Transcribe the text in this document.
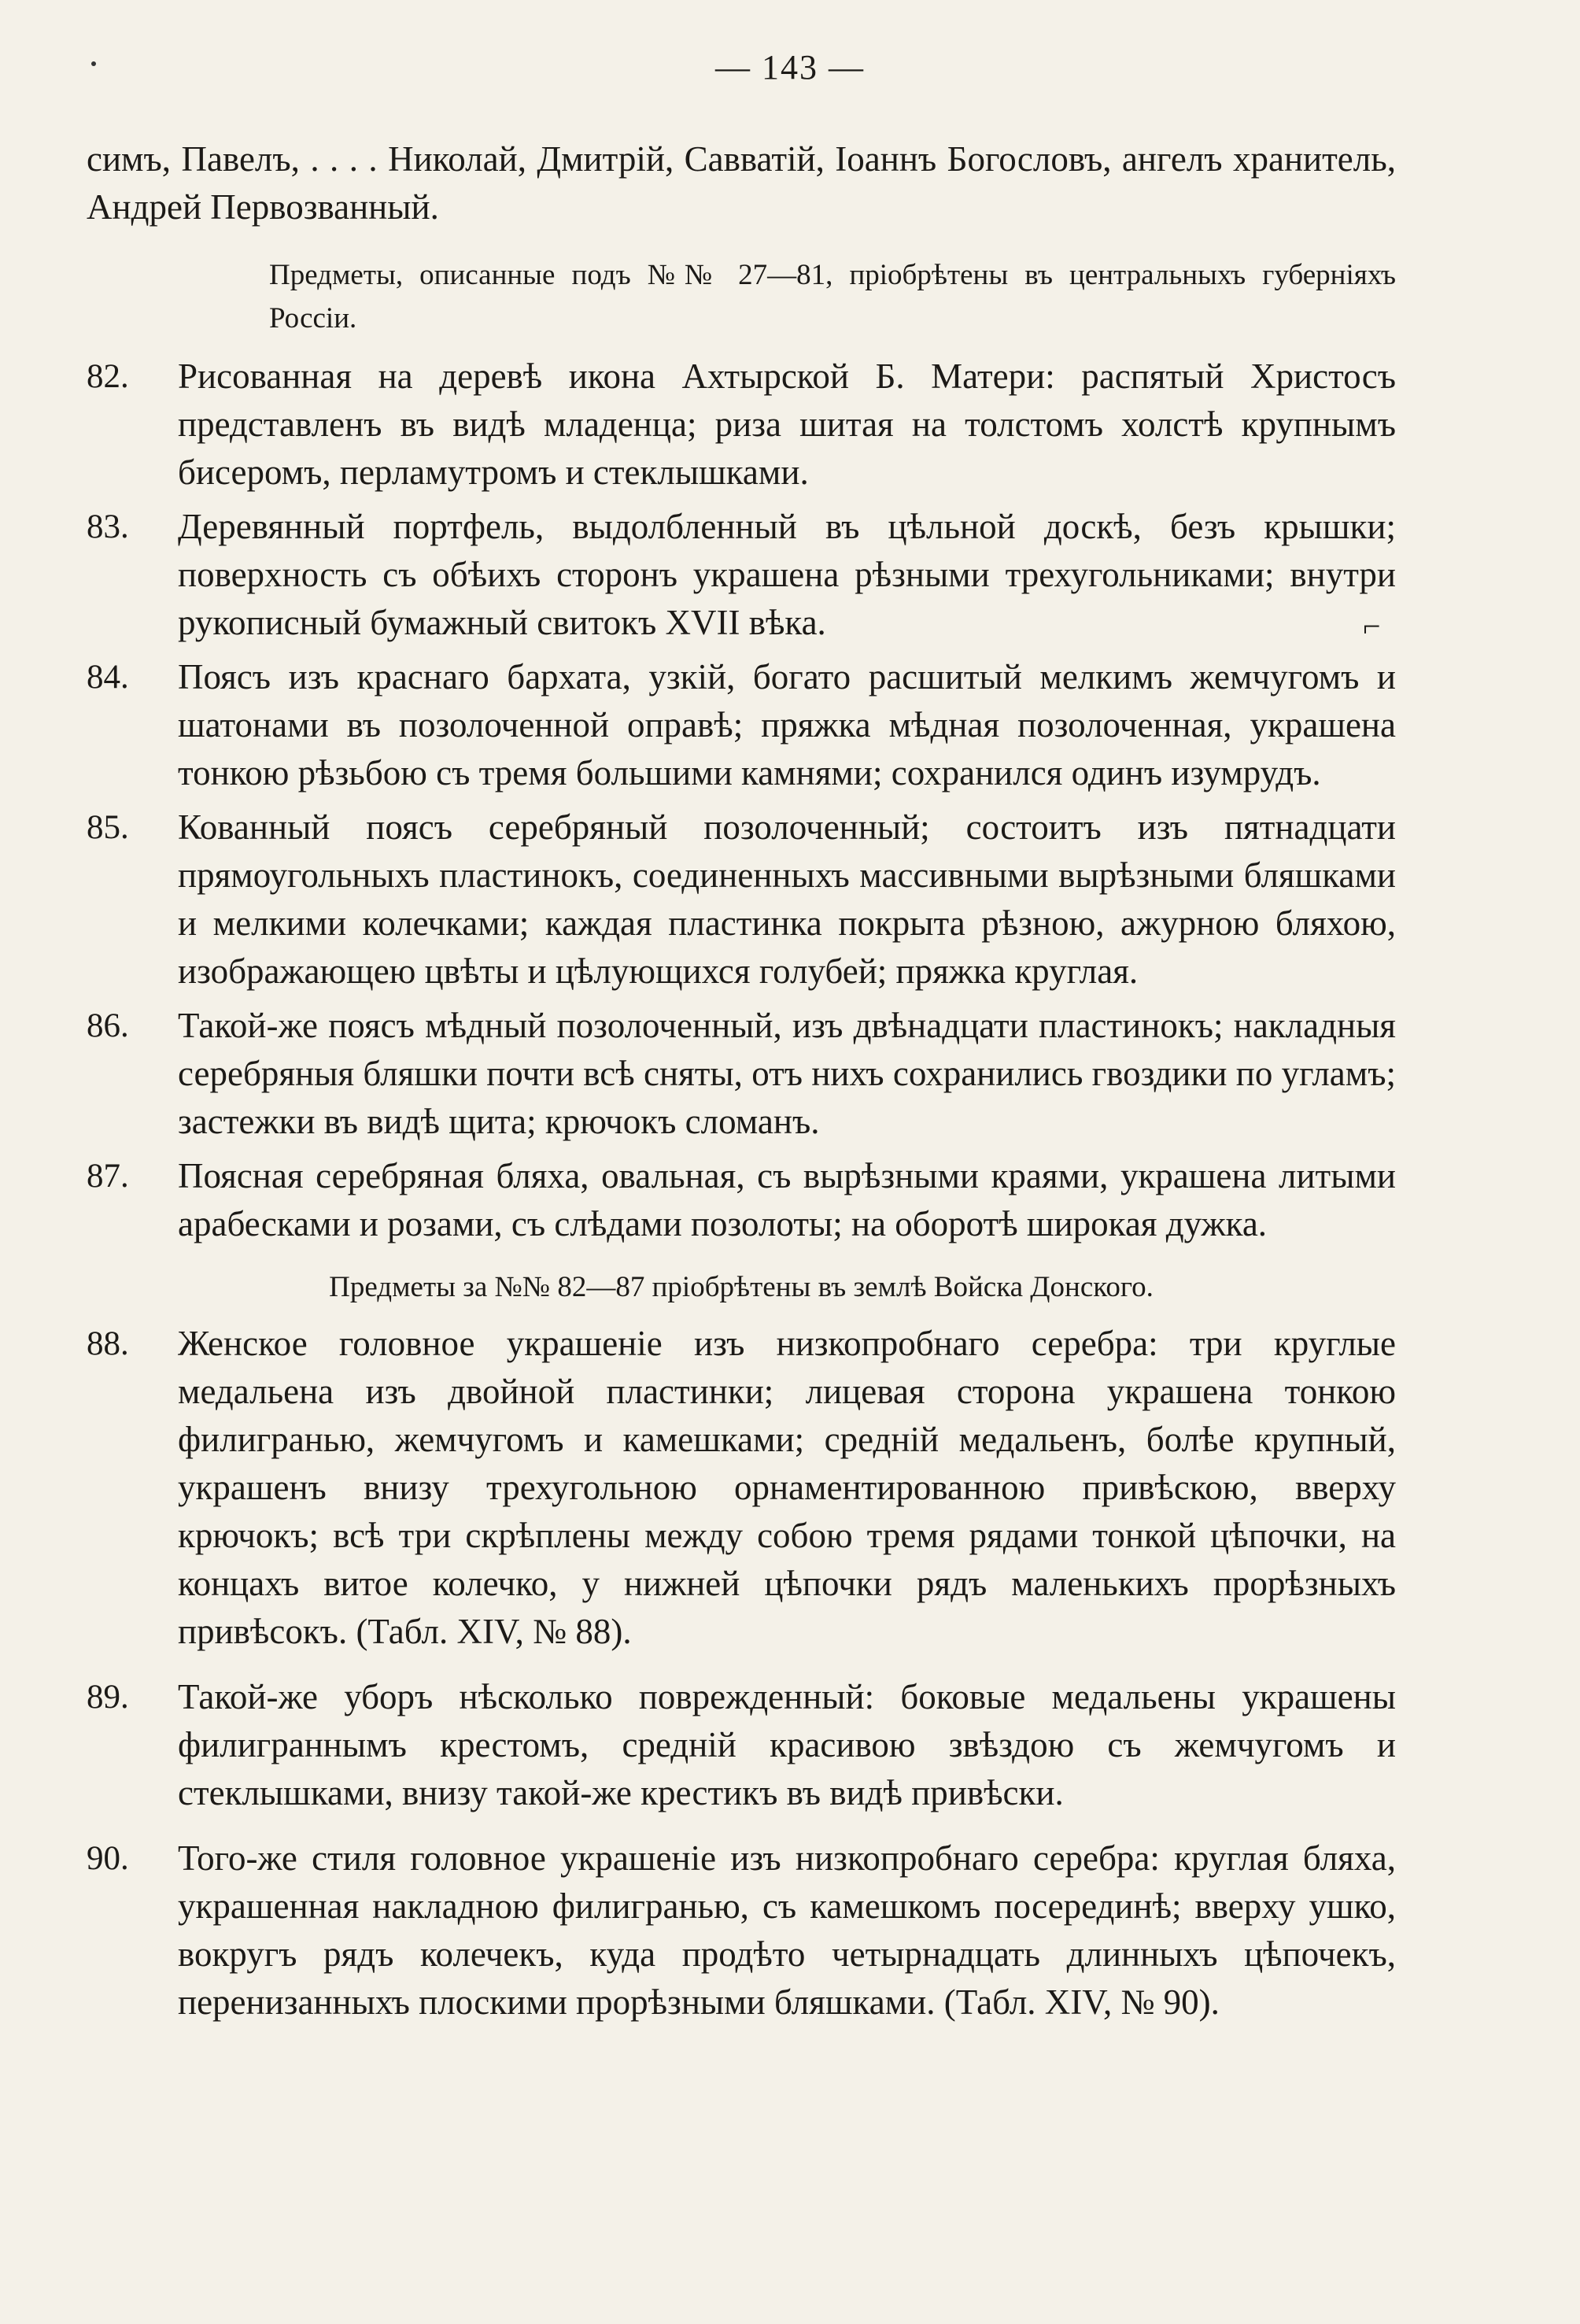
— 143 —
⌐

симъ, Павелъ, . . . . Николай, Дмитрій, Савватій, Іоаннъ Богословъ, ангелъ хранитель, Андрей Первозванный.

Предметы, описанные подъ №№ 27—81, пріобрѣтены въ центральныхъ губерніяхъ Россіи.

82.	Рисованная на деревѣ икона Ахтырской Б. Матери: распятый Христосъ представленъ въ видѣ младенца; риза шитая на толстомъ холстѣ крупнымъ бисеромъ, перламутромъ и стеклышками.
83.	Деревянный портфель, выдолбленный въ цѣльной доскѣ, безъ крышки; поверхность съ обѣихъ сторонъ украшена рѣзными трехугольниками; внутри рукописный бумажный свитокъ XVII вѣка.
84.	Поясъ изъ краснаго бархата, узкій, богато расшитый мелкимъ жемчугомъ и шатонами въ позолоченной оправѣ; пряжка мѣдная позолоченная, украшена тонкою рѣзьбою съ тремя большими камнями; сохранился одинъ изумрудъ.
85.	Кованный поясъ серебряный позолоченный; состоитъ изъ пятнадцати прямоугольныхъ пластинокъ, соединенныхъ массивными вырѣзными бляшками и мелкими колечками; каждая пластинка покрыта рѣзною, ажурною бляхою, изображающею цвѣты и цѣлующихся голубей; пряжка круглая.
86.	Такой-же поясъ мѣдный позолоченный, изъ двѣнадцати пластинокъ; накладныя серебряныя бляшки почти всѣ сняты, отъ нихъ сохранились гвоздики по угламъ; застежки въ видѣ щита; крючокъ сломанъ.
87.	Поясная серебряная бляха, овальная, съ вырѣзными краями, украшена литыми арабесками и розами, съ слѣдами позолоты; на оборотѣ широкая дужка.

Предметы за №№ 82—87 пріобрѣтены въ землѣ Войска Донского.

88.	Женское головное украшеніе изъ низкопробнаго серебра: три круглые медальена изъ двойной пластинки; лицевая сторона украшена тонкою филигранью, жемчугомъ и камешками; средній медальенъ, болѣе крупный, украшенъ внизу трехугольною орнаментированною привѣскою, вверху крючокъ; всѣ три скрѣплены между собою тремя рядами тонкой цѣпочки, на концахъ витое колечко, у нижней цѣпочки рядъ маленькихъ прорѣзныхъ привѣсокъ. (Табл. XIV, № 88).
89.	Такой-же уборъ нѣсколько поврежденный: боковые медальены украшены филиграннымъ крестомъ, средній красивою звѣздою съ жемчугомъ и стеклышками, внизу такой-же крестикъ въ видѣ привѣски.
90.	Того-же стиля головное украшеніе изъ низкопробнаго серебра: круглая бляха, украшенная накладною филигранью, съ камешкомъ посерединѣ; вверху ушко, вокругъ рядъ колечекъ, куда продѣто четырнадцать длинныхъ цѣпочекъ, перенизанныхъ плоскими прорѣзными бляшками. (Табл. XIV, № 90).
